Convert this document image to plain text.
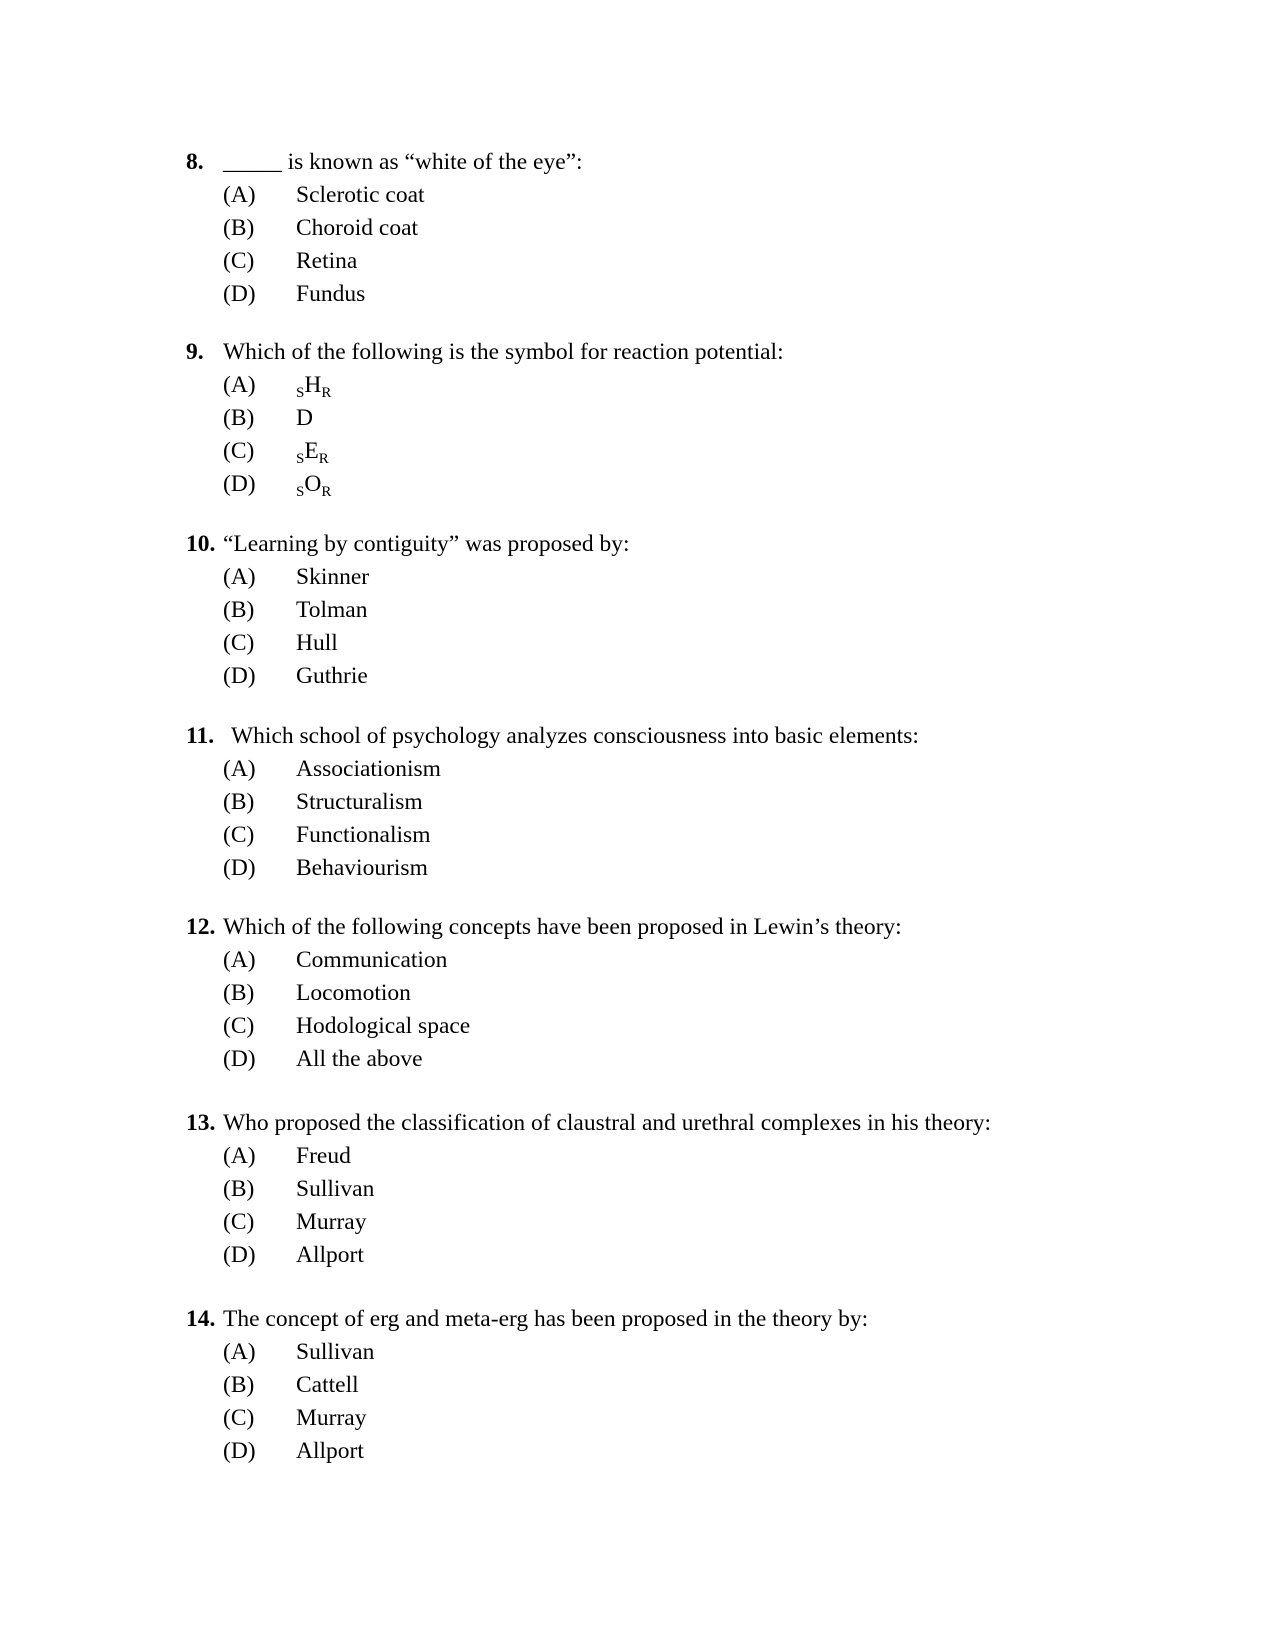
8. _____ is known as “white of the eye”:
(A) Sclerotic coat
(B) Choroid coat
(C) Retina
(D) Fundus
9. Which of the following is the symbol for reaction potential:
(A)	$_SH_R$
(B) D
(C)	$_SE_R$
(D)	$_SO_R$
10. “Learning by contiguity” was proposed by:
(A) Skinner
(B) Tolman
(C) Hull
(D) Guthrie
11. Which school of psychology analyzes consciousness into basic elements:
(A) Associationism
(B) Structuralism
(C) Functionalism
(D) Behaviourism
12. Which of the following concepts have been proposed in Lewin’s theory:
(A) Communication
(B) Locomotion
(C) Hodological space
(D) All the above
13. Who proposed the classification of claustral and urethral complexes in his theory:
(A) Freud
(B) Sullivan
(C) Murray
(D) Allport
14. The concept of erg and meta-erg has been proposed in the theory by:
(A) Sullivan
(B) Cattell
(C) Murray
(D) Allport
